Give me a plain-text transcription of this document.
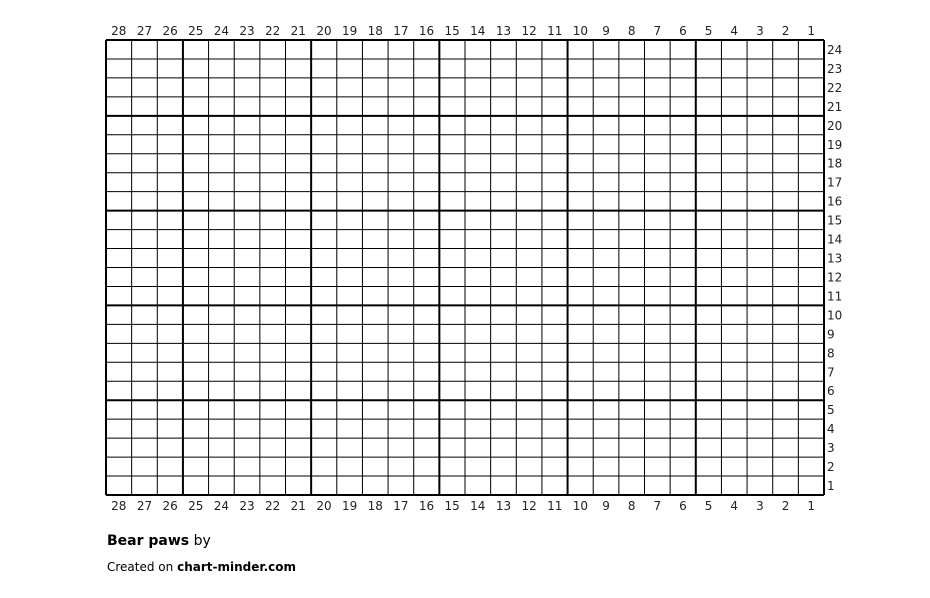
28 27 26 25 24 23 22 21 20 19 18 17 16 15 14 13 12 11 10 9 8 7 6 5 4 3 2 1
28 27 26 25 24 23 22 21 20 19 18 17 16 15 14 13 12 11 10 9 8 7 6 5 4 3 2 1
24
23
22
21
20
19
18
17
16
15
14
13
12
11
10
9
8
7
6
5
4
3
2
1
Bear paws by
Created on chart-minder.com
